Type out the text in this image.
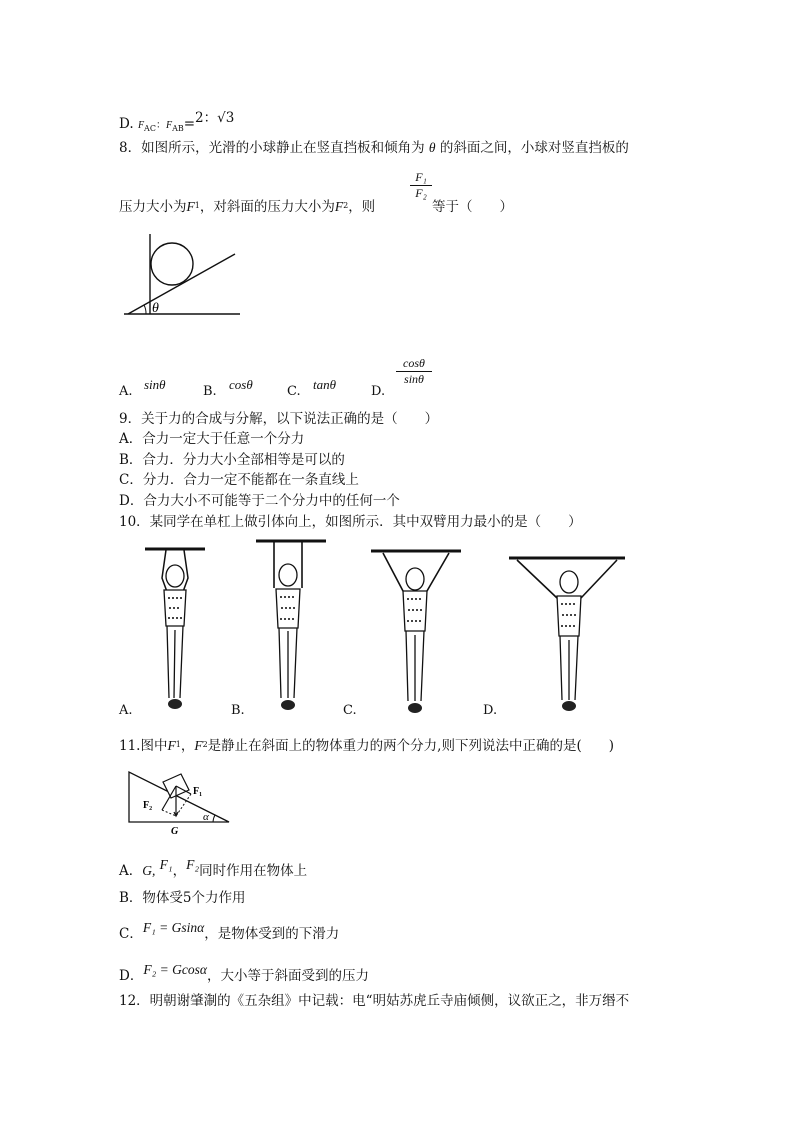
D. $F_{AC}$：$F_{AB}=2$：√3
8．如图所示，光滑的小球静止在竖直挡板和倾角为 θ 的斜面之间，小球对竖直挡板的
压力大小为$F^1$，对斜面的压力大小为$F^2$，则
$\frac{\text{F₁}}{\text{F₂}}$
等于（　　）
θ
A. sinθ	B. cosθ	C. tanθ	D.
$\frac{\cos\theta}{\sin\theta}$
9．关于力的合成与分解，以下说法正确的是（　　）
A．合力一定大于任意一个分力
B．合力．分力大小全部相等是可以的
C．分力．合力一定不能都在一条直线上
D．合力大小不可能等于二个分力中的任何一个
10．某同学在单杠上做引体向上，如图所示．其中双臂用力最小的是（　　）
A.	B.	C.	D.
11.图中$F^1$，$F^2$是静止在斜面上的物体重力的两个分力,则下列说法中正确的是(　　)
F₁
F₂
G
α
A．G, F₁，F₂同时作用在物体上
B．物体受5个力作用
C．F₁ = Gsinα，是物体受到的下滑力
D．F₂ = Gcosα，大小等于斜面受到的压力
12．明朝谢肇淛的《五杂组》中记载：电“明姑苏虎丘寺庙倾侧，议欲正之，非万缗不
